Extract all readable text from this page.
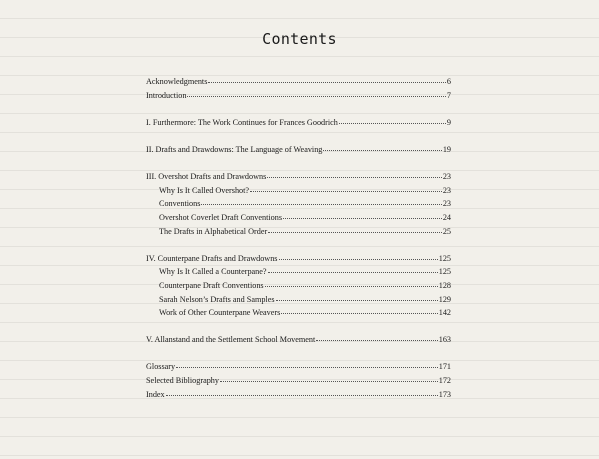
Contents
Acknowledgments	6
Introduction	7
I. Furthermore: The Work Continues for Frances Goodrich	9
II. Drafts and Drawdowns: The Language of Weaving	19
III. Overshot Drafts and Drawdowns	23
Why Is It Called Overshot?	23
Conventions	23
Overshot Coverlet Draft Conventions	24
The Drafts in Alphabetical Order	25
IV. Counterpane Drafts and Drawdowns	125
Why Is It Called a Counterpane?	125
Counterpane Draft Conventions	128
Sarah Nelson’s Drafts and Samples	129
Work of Other Counterpane Weavers	142
V. Allanstand and the Settlement School Movement	163
Glossary	171
Selected Bibliography	172
Index	173
